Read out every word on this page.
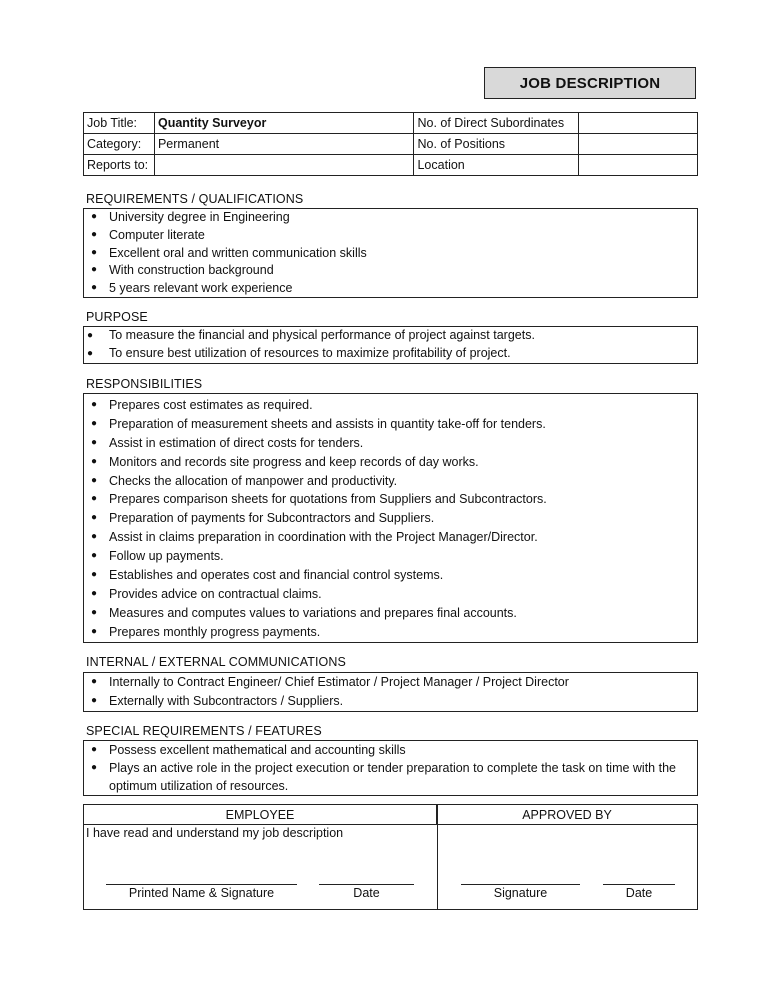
JOB DESCRIPTION
Job Title:	Quantity Surveyor	No. of Direct Subordinates	
Category:	Permanent	No. of Positions	
Reports to:		Location	
REQUIREMENTS / QUALIFICATIONS
● University degree in Engineering
● Computer literate
● Excellent oral and written communication skills
● With construction background
● 5 years relevant work experience
PURPOSE
● To measure the financial and physical performance of project against targets.
● To ensure best utilization of resources to maximize profitability of project.
RESPONSIBILITIES
● Prepares cost estimates as required.
● Preparation of measurement sheets and assists in quantity take-off for tenders.
● Assist in estimation of direct costs for tenders.
● Monitors and records site progress and keep records of day works.
● Checks the allocation of manpower and productivity.
● Prepares comparison sheets for quotations from Suppliers and Subcontractors.
● Preparation of payments for Subcontractors and Suppliers.
● Assist in claims preparation in coordination with the Project Manager/Director.
● Follow up payments.
● Establishes and operates cost and financial control systems.
● Provides advice on contractual claims.
● Measures and computes values to variations and prepares final accounts.
● Prepares monthly progress payments.
INTERNAL / EXTERNAL COMMUNICATIONS
● Internally to Contract Engineer/ Chief Estimator / Project Manager / Project Director
● Externally with Subcontractors / Suppliers.
SPECIAL REQUIREMENTS / FEATURES
● Possess excellent mathematical and accounting skills
● Plays an active role in the project execution or tender preparation to complete the task on time with the optimum utilization of resources.
EMPLOYEE	APPROVED BY
I have read and understand my job description
Printed Name & Signature	Date	Signature	Date
